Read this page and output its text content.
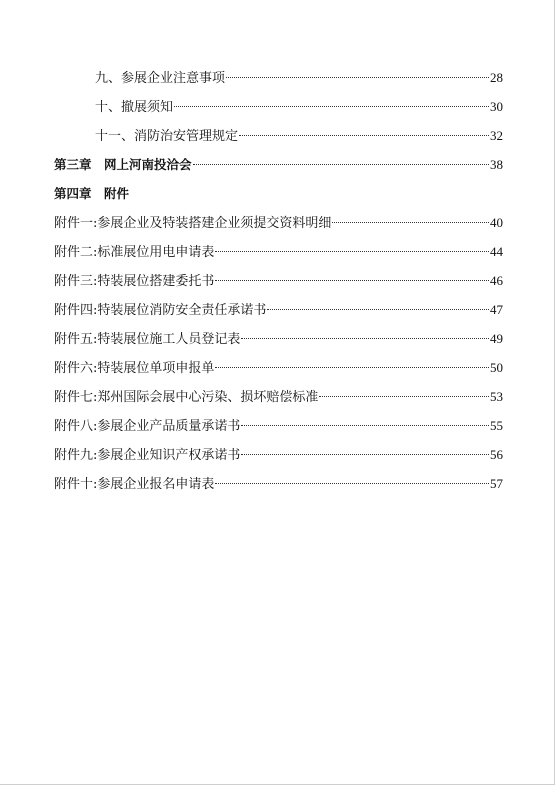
九、参展企业注意事项	28
十、撤展须知	30
十一、消防治安管理规定	32
第三章　网上河南投洽会	38
第四章　附件
附件一:参展企业及特装搭建企业须提交资料明细	40
附件二:标准展位用电申请表	44
附件三:特装展位搭建委托书	46
附件四:特装展位消防安全责任承诺书	47
附件五:特装展位施工人员登记表	49
附件六:特装展位单项申报单	50
附件七:郑州国际会展中心污染、损坏赔偿标准	53
附件八:参展企业产品质量承诺书	55
附件九:参展企业知识产权承诺书	56
附件十:参展企业报名申请表	57
